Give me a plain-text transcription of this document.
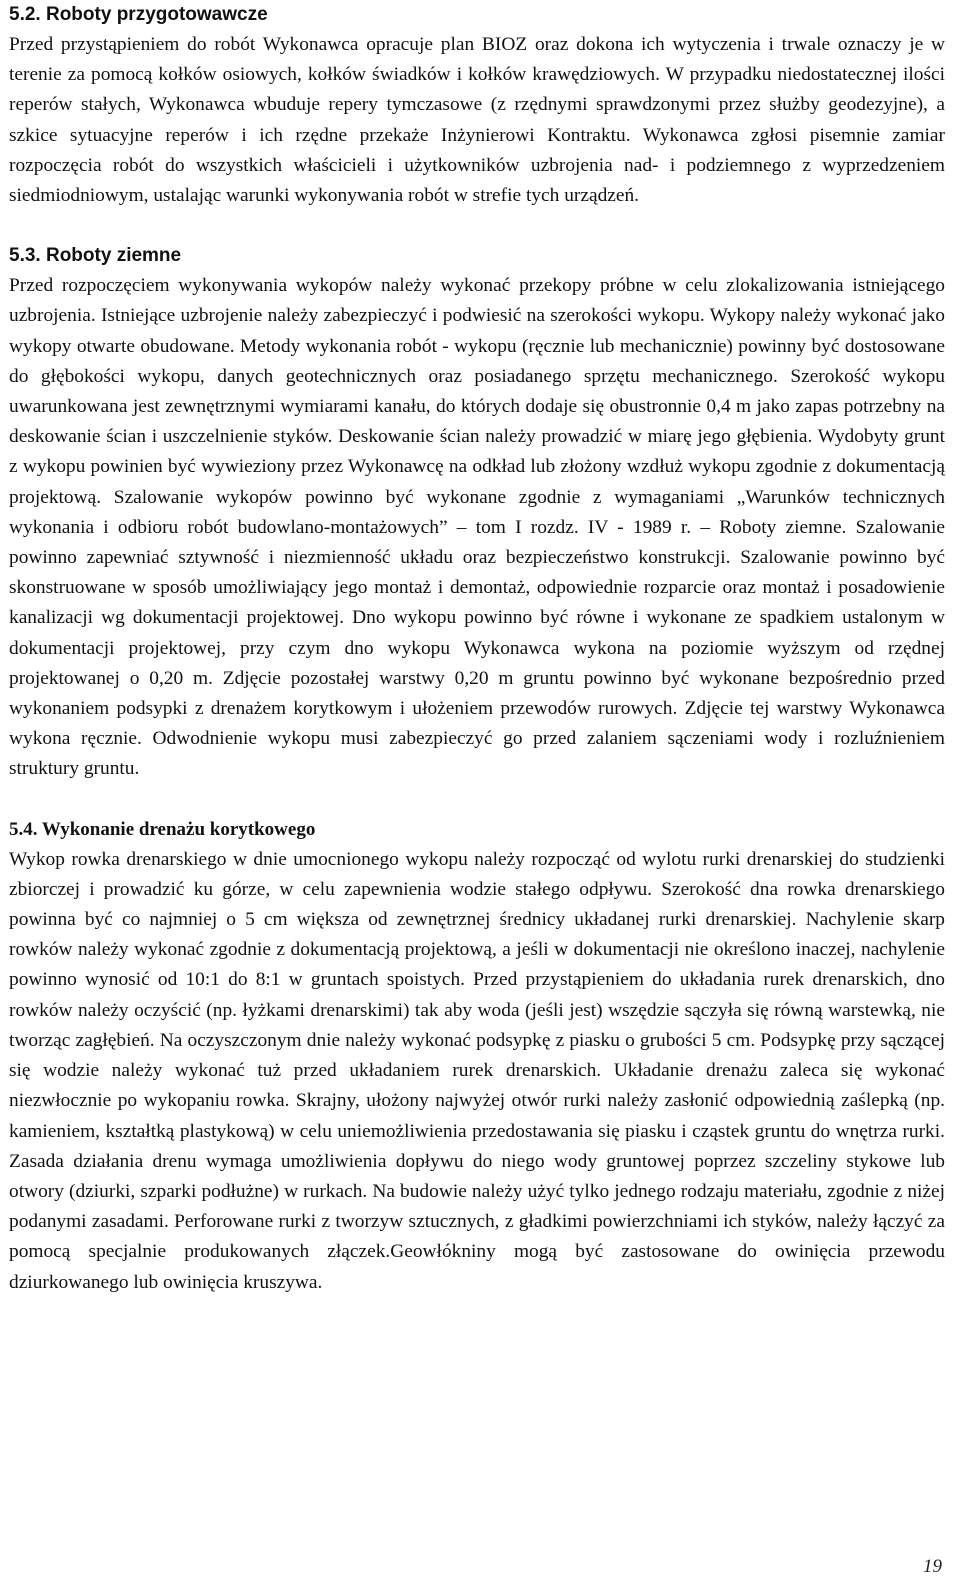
5.2. Roboty przygotowawcze

Przed przystąpieniem do robót Wykonawca opracuje plan BIOZ oraz dokona ich wytyczenia i trwale oznaczy je w terenie za pomocą kołków osiowych, kołków świadków i kołków krawędziowych. W przypadku niedostatecznej ilości reperów stałych, Wykonawca wbuduje repery tymczasowe (z rzędnymi sprawdzonymi przez służby geodezyjne), a szkice sytuacyjne reperów i ich rzędne przekaże Inżynierowi Kontraktu. Wykonawca zgłosi pisemnie zamiar rozpoczęcia robót do wszystkich właścicieli i użytkowników uzbrojenia nad- i podziemnego z wyprzedzeniem siedmiodniowym, ustalając warunki wykonywania robót w strefie tych urządzeń.

5.3. Roboty ziemne

Przed rozpoczęciem wykonywania wykopów należy wykonać przekopy próbne w celu zlokalizowania istniejącego uzbrojenia. Istniejące uzbrojenie należy zabezpieczyć i podwiesić na szerokości wykopu. Wykopy należy wykonać jako wykopy otwarte obudowane. Metody wykonania robót - wykopu (ręcznie lub mechanicznie) powinny być dostosowane do głębokości wykopu, danych geotechnicznych oraz posiadanego sprzętu mechanicznego. Szerokość wykopu uwarunkowana jest zewnętrznymi wymiarami kanału, do których dodaje się obustronnie 0,4 m jako zapas potrzebny na deskowanie ścian i uszczelnienie styków. Deskowanie ścian należy prowadzić w miarę jego głębienia. Wydobyty grunt z wykopu powinien być wywieziony przez Wykonawcę na odkład lub złożony wzdłuż wykopu zgodnie z dokumentacją projektową. Szalowanie wykopów powinno być wykonane zgodnie z wymaganiami „Warunków technicznych wykonania i odbioru robót budowlano-montażowych” – tom I rozdz. IV - 1989 r. – Roboty ziemne. Szalowanie powinno zapewniać sztywność i niezmienność układu oraz bezpieczeństwo konstrukcji. Szalowanie powinno być skonstruowane w sposób umożliwiający jego montaż i demontaż, odpowiednie rozparcie oraz montaż i posadowienie kanalizacji wg dokumentacji projektowej. Dno wykopu powinno być równe i wykonane ze spadkiem ustalonym w dokumentacji projektowej, przy czym dno wykopu Wykonawca wykona na poziomie wyższym od rzędnej projektowanej o 0,20 m. Zdjęcie pozostałej warstwy 0,20 m gruntu powinno być wykonane bezpośrednio przed wykonaniem podsypki z drenażem korytkowym i ułożeniem przewodów rurowych. Zdjęcie tej warstwy Wykonawca wykona ręcznie. Odwodnienie wykopu musi zabezpieczyć go przed zalaniem sączeniami wody i rozluźnieniem struktury gruntu.

5.4. Wykonanie drenażu korytkowego

Wykop rowka drenarskiego w dnie umocnionego wykopu należy rozpocząć od wylotu rurki drenarskiej do studzienki zbiorczej i prowadzić ku górze, w celu zapewnienia wodzie stałego odpływu. Szerokość dna rowka drenarskiego powinna być co najmniej o 5 cm większa od zewnętrznej średnicy układanej rurki drenarskiej. Nachylenie skarp rowków należy wykonać zgodnie z dokumentacją projektową, a jeśli w dokumentacji nie określono inaczej, nachylenie powinno wynosić od 10:1 do 8:1 w gruntach spoistych. Przed przystąpieniem do układania rurek drenarskich, dno rowków należy oczyścić (np. łyżkami drenarskimi) tak aby woda (jeśli jest) wszędzie sączyła się równą warstewką, nie tworząc zagłębień. Na oczyszczonym dnie należy wykonać podsypkę z piasku o grubości 5 cm. Podsypkę przy sączącej się wodzie należy wykonać tuż przed układaniem rurek drenarskich. Układanie drenażu zaleca się wykonać niezwłocznie po wykopaniu rowka. Skrajny, ułożony najwyżej otwór rurki należy zasłonić odpowiednią zaślepką (np. kamieniem, kształtką plastykową) w celu uniemożliwienia przedostawania się piasku i cząstek gruntu do wnętrza rurki. Zasada działania drenu wymaga umożliwienia dopływu do niego wody gruntowej poprzez szczeliny stykowe lub otwory (dziurki, szparki podłużne) w rurkach. Na budowie należy użyć tylko jednego rodzaju materiału, zgodnie z niżej podanymi zasadami. Perforowane rurki z tworzyw sztucznych, z gładkimi powierzchniami ich styków, należy łączyć za pomocą specjalnie produkowanych złączek.Geowłókniny mogą być zastosowane do owinięcia przewodu dziurkowanego lub owinięcia kruszywa.

19
